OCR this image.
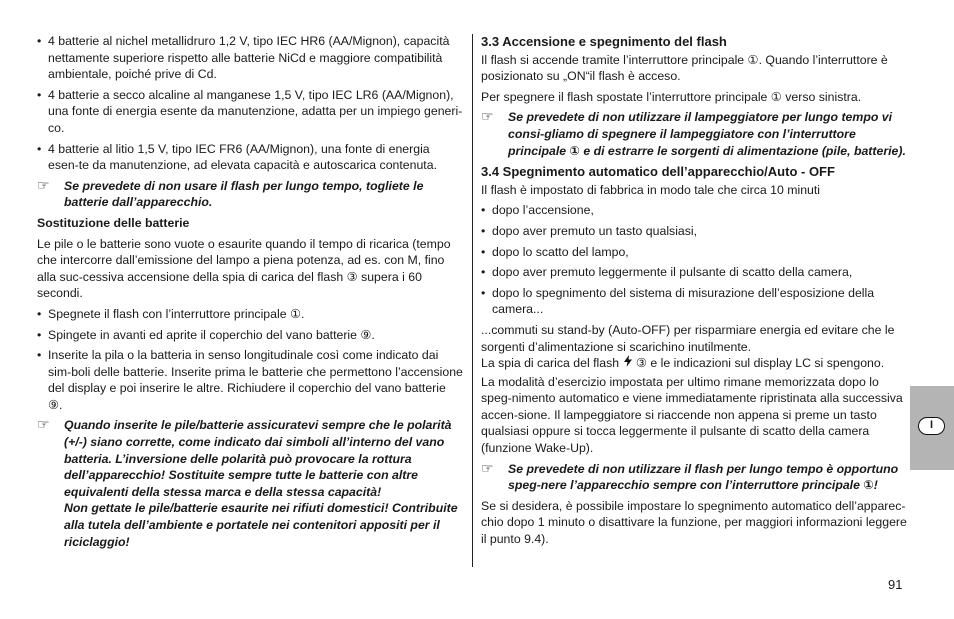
• 4 batterie al nichel metallidruro 1,2 V, tipo IEC HR6 (AA/Mignon), capacità nettamente superiore rispetto alle batterie NiCd e maggiore compatibilità ambientale, poiché prive di Cd.

• 4 batterie a secco alcaline al manganese 1,5 V, tipo IEC LR6 (AA/Mignon), una fonte di energia esente da manutenzione, adatta per un impiego generi-co.

• 4 batterie al litio 1,5 V, tipo IEC FR6 (AA/Mignon), una fonte di energia esen-te da manutenzione, ad elevata capacità e autoscarica contenuta.

☞ Se prevedete di non usare il flash per lungo tempo, togliete le batterie dall’apparecchio.

Sostituzione delle batterie

Le pile o le batterie sono vuote o esaurite quando il tempo di ricarica (tempo che intercorre dall’emissione del lampo a piena potenza, ad es. con M, fino alla suc-cessiva accensione della spia di carica del flash ③ supera i 60 secondi.

• Spegnete il flash con l’interruttore principale ①.

• Spingete in avanti ed aprite il coperchio del vano batterie ⑨.

• Inserite la pila o la batteria in senso longitudinale così come indicato dai sim-boli delle batterie. Inserite prima le batterie che permettono l’accensione del display e poi inserire le altre. Richiudere il coperchio del vano batterie ⑨.

☞ Quando inserite le pile/batterie assicuratevi sempre che le polarità (+/-) siano corrette, come indicato dai simboli all’interno del vano batteria. L’inversione delle polarità può provocare la rottura dell’apparecchio! Sostituite sempre tutte le batterie con altre equivalenti della stessa marca e della stessa capacità!
Non gettate le pile/batterie esaurite nei rifiuti domestici! Contribuite alla tutela dell’ambiente e portatele nei contenitori appositi per il riciclaggio!

3.3 Accensione e spegnimento del flash

Il flash si accende tramite l’interruttore principale ①. Quando l’interruttore è posizionato su „ON“il flash è acceso.

Per spegnere il flash spostate l’interruttore principale ① verso sinistra.

☞ Se prevedete di non utilizzare il lampeggiatore per lungo tempo vi consi-gliamo di spegnere il lampeggiatore con l’interruttore principale ① e di estrarre le sorgenti di alimentazione (pile, batterie).

3.4 Spegnimento automatico dell’apparecchio/Auto - OFF

Il flash è impostato di fabbrica in modo tale che circa 10 minuti

• dopo l’accensione,

• dopo aver premuto un tasto qualsiasi,

• dopo lo scatto del lampo,

• dopo aver premuto leggermente il pulsante di scatto della camera,

• dopo lo spegnimento del sistema di misurazione dell’esposizione della camera...

...commuti su stand-by (Auto-OFF) per risparmiare energia ed evitare che le sorgenti d’alimentazione si scarichino inutilmente.

La spia di carica del flash ③ e le indicazioni sul display LC si spengono.

La modalità d’esercizio impostata per ultimo rimane memorizzata dopo lo speg-nimento automatico e viene immediatamente ripristinata alla successiva accen-sione. Il lampeggiatore si riaccende non appena si preme un tasto qualsiasi oppure si tocca leggermente il pulsante di scatto della camera (funzione Wake-Up).

☞ Se prevedete di non utilizzare il flash per lungo tempo è opportuno speg-nere l’apparecchio sempre con l’interruttore principale ①!

Se si desidera, è possibile impostare lo spegnimento automatico dell’apparec-chio dopo 1 minuto o disattivare la funzione, per maggiori informazioni leggere il punto 9.4).

I
91
